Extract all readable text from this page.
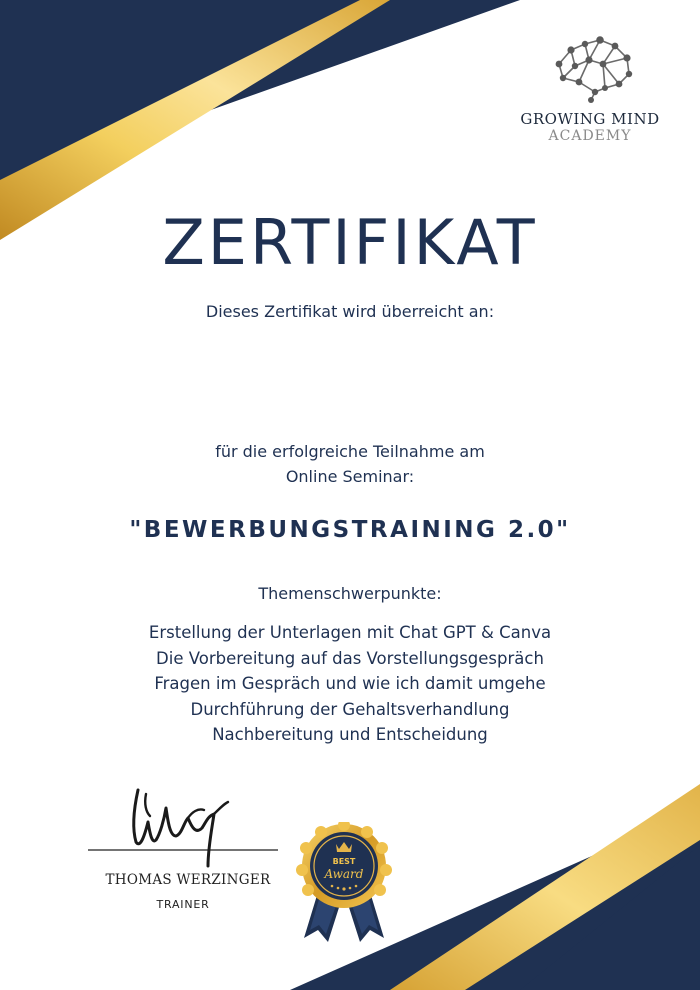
GROWING MIND
ACADEMY
ZERTIFIKAT
Dieses Zertifikat wird überreicht an:
für die erfolgreiche Teilnahme am
Online Seminar:
"BEWERBUNGSTRAINING 2.0"
Themenschwerpunkte:
Erstellung der Unterlagen mit Chat GPT & Canva
Die Vorbereitung auf das Vorstellungsgespräch
Fragen im Gespräch und wie ich damit umgehe
Durchführung der Gehaltsverhandlung
Nachbereitung und Entscheidung
THOMAS WERZINGER
TRAINER
BEST
Award
